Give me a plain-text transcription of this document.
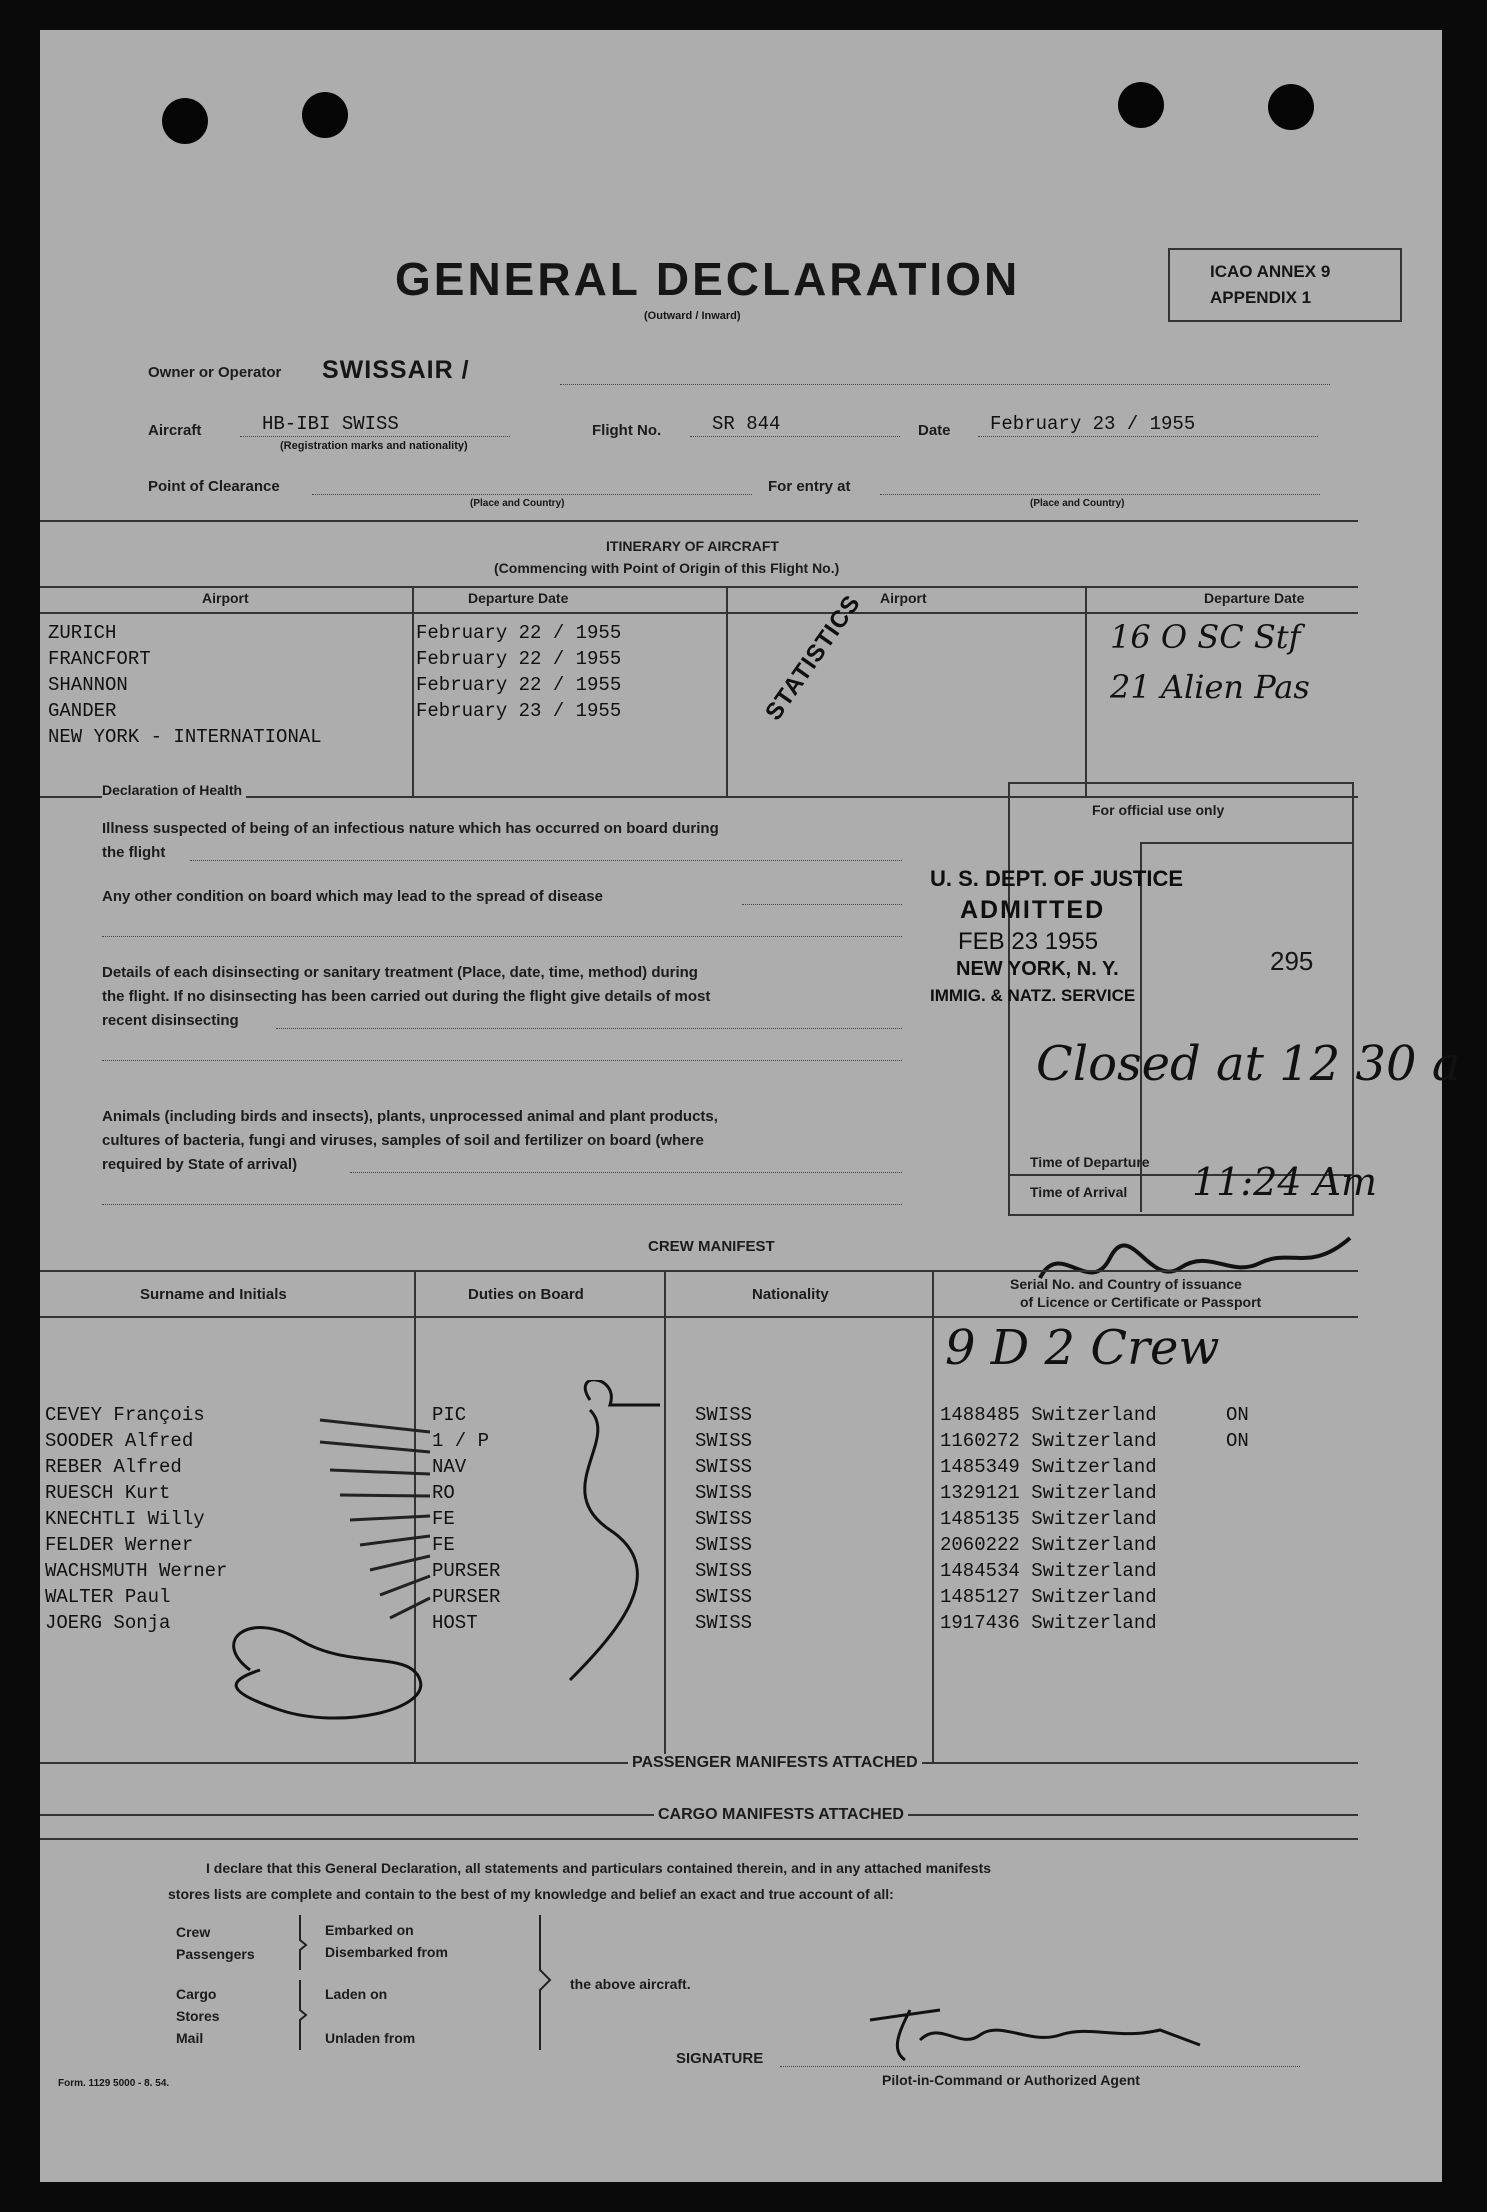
GENERAL DECLARATION
(Outward / Inward)
ICAO ANNEX 9
APPENDIX 1
Owner or Operator SWISSAIR /
Aircraft	HB-IBI SWISS
(Registration marks and nationality)
Flight No.	SR 844	Date February 23 / 1955
Point of Clearance
(Place and Country)
For entry at
(Place and Country)
ITINERARY OF AIRCRAFT
(Commencing with Point of Origin of this Flight No.)
Airport	Departure Date	Airport	Departure Date
ZURICH	February 22 / 1955
FRANCFORT	February 22 / 1955
SHANNON	February 22 / 1955
GANDER	February 23 / 1955
NEW YORK - INTERNATIONAL
16 O SC Stf
21 Alien Pas
STATISTICS
Declaration of Health
Illness suspected of being of an infectious nature which has occurred on board during
the flight
Any other condition on board which may lead to the spread of disease
Details of each disinsecting or sanitary treatment (Place, date, time, method) during
the flight. If no disinsecting has been carried out during the flight give details of most
recent disinsecting
Animals (including birds and insects), plants, unprocessed animal and plant products,
cultures of bacteria, fungi and viruses, samples of soil and fertilizer on board (where
required by State of arrival)
For official use only
U. S. DEPT. OF JUSTICE
ADMITTED
FEB 23 1955
NEW YORK, N. Y.
IMMIG. & NATZ. SERVICE
295
Closed at 12 30 a
Time of Departure
Time of Arrival 11:24 Am
CREW MANIFEST
Surname and Initials	Duties on Board	Nationality
Serial No. and Country of issuance
of Licence or Certificate or Passport
9 D 2 Crew
CEVEY François	PIC	SWISS	1488485 Switzerland	ON
SOODER Alfred	1 / P	SWISS	1160272 Switzerland	ON
REBER Alfred	NAV	SWISS	1485349 Switzerland
RUESCH Kurt	RO	SWISS	1329121 Switzerland
KNECHTLI Willy	FE	SWISS	1485135 Switzerland
FELDER Werner	FE	SWISS	2060222 Switzerland
WACHSMUTH Werner	PURSER	SWISS	1484534 Switzerland
WALTER Paul	PURSER	SWISS	1485127 Switzerland
JOERG Sonja	HOST	SWISS	1917436 Switzerland
PASSENGER MANIFESTS ATTACHED
CARGO MANIFESTS ATTACHED
I declare that this General Declaration, all statements and particulars contained therein, and in any attached manifests
stores lists are complete and contain to the best of my knowledge and belief an exact and true account of all:
Crew
Passengers
Embarked on
Disembarked from
Cargo
Stores
Mail
Laden on
Unladen from
the above aircraft.
SIGNATURE
Pilot-in-Command or Authorized Agent
Form. 1129 5000 - 8. 54.
